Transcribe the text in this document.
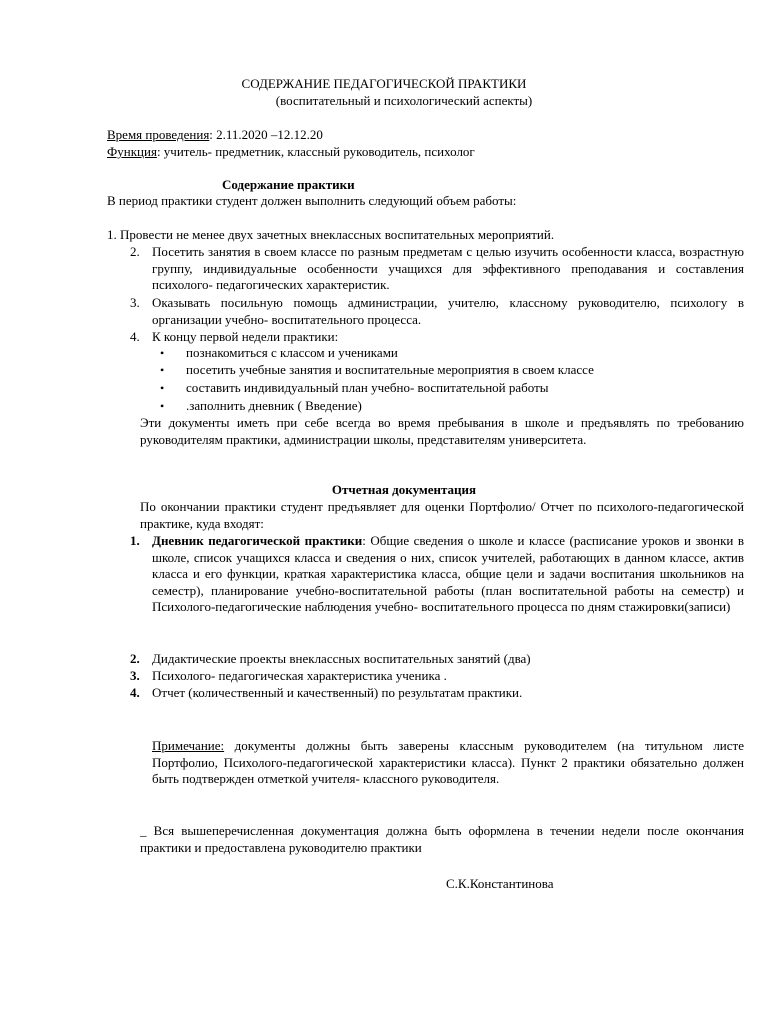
СОДЕРЖАНИЕ ПЕДАГОГИЧЕСКОЙ ПРАКТИКИ
(воспитательный и психологический аспекты)
Время проведения: 2.11.2020 –12.12.20
Функция: учитель- предметник, классный руководитель, психолог
Содержание практики
В период практики студент должен выполнить следующий объем работы:
1. Провести не менее двух зачетных внеклассных воспитательных мероприятий.
2. Посетить занятия в своем классе по разным предметам с целью изучить особенности класса, возрастную группу, индивидуальные особенности учащихся для эффективного преподавания и составления психолого- педагогических характеристик.
3. Оказывать посильную помощь администрации, учителю, классному руководителю, психологу в организации учебно- воспитательного процесса.
4. К концу первой недели практики:
• познакомиться с классом и учениками
• посетить учебные занятия и воспитательные мероприятия в своем классе
• составить индивидуальный план учебно- воспитательной работы
• .заполнить дневник ( Введение)
Эти документы иметь при себе всегда во время пребывания в школе и предъявлять по требованию руководителям практики, администрации школы, представителям университета.
Отчетная документация
По окончании практики студент предъявляет для оценки Портфолио/ Отчет по психолого-педагогической практике, куда входят:
1. Дневник педагогической практики: Общие сведения о школе и классе (расписание уроков и звонки в школе, список учащихся класса и сведения о них, список учителей, работающих в данном классе, актив класса и его функции, краткая характеристика класса, общие цели и задачи воспитания школьников на семестр), планирование учебно-воспитательной работы (план воспитательной работы на семестр) и Психолого-педагогические наблюдения учебно- воспитательного процесса по дням стажировки(записи)
2. Дидактические проекты внеклассных воспитательных занятий (два)
3. Психолого- педагогическая характеристика ученика .
4. Отчет (количественный и качественный) по результатам практики.
Примечание: документы должны быть заверены классным руководителем (на титульном листе Портфолио, Психолого-педагогической характеристики класса). Пункт 2 практики обязательно должен быть подтвержден отметкой учителя- классного руководителя.
_ Вся вышеперечисленная документация должна быть оформлена в течении недели после окончания практики и предоставлена руководителю практики
С.К.Константинова
